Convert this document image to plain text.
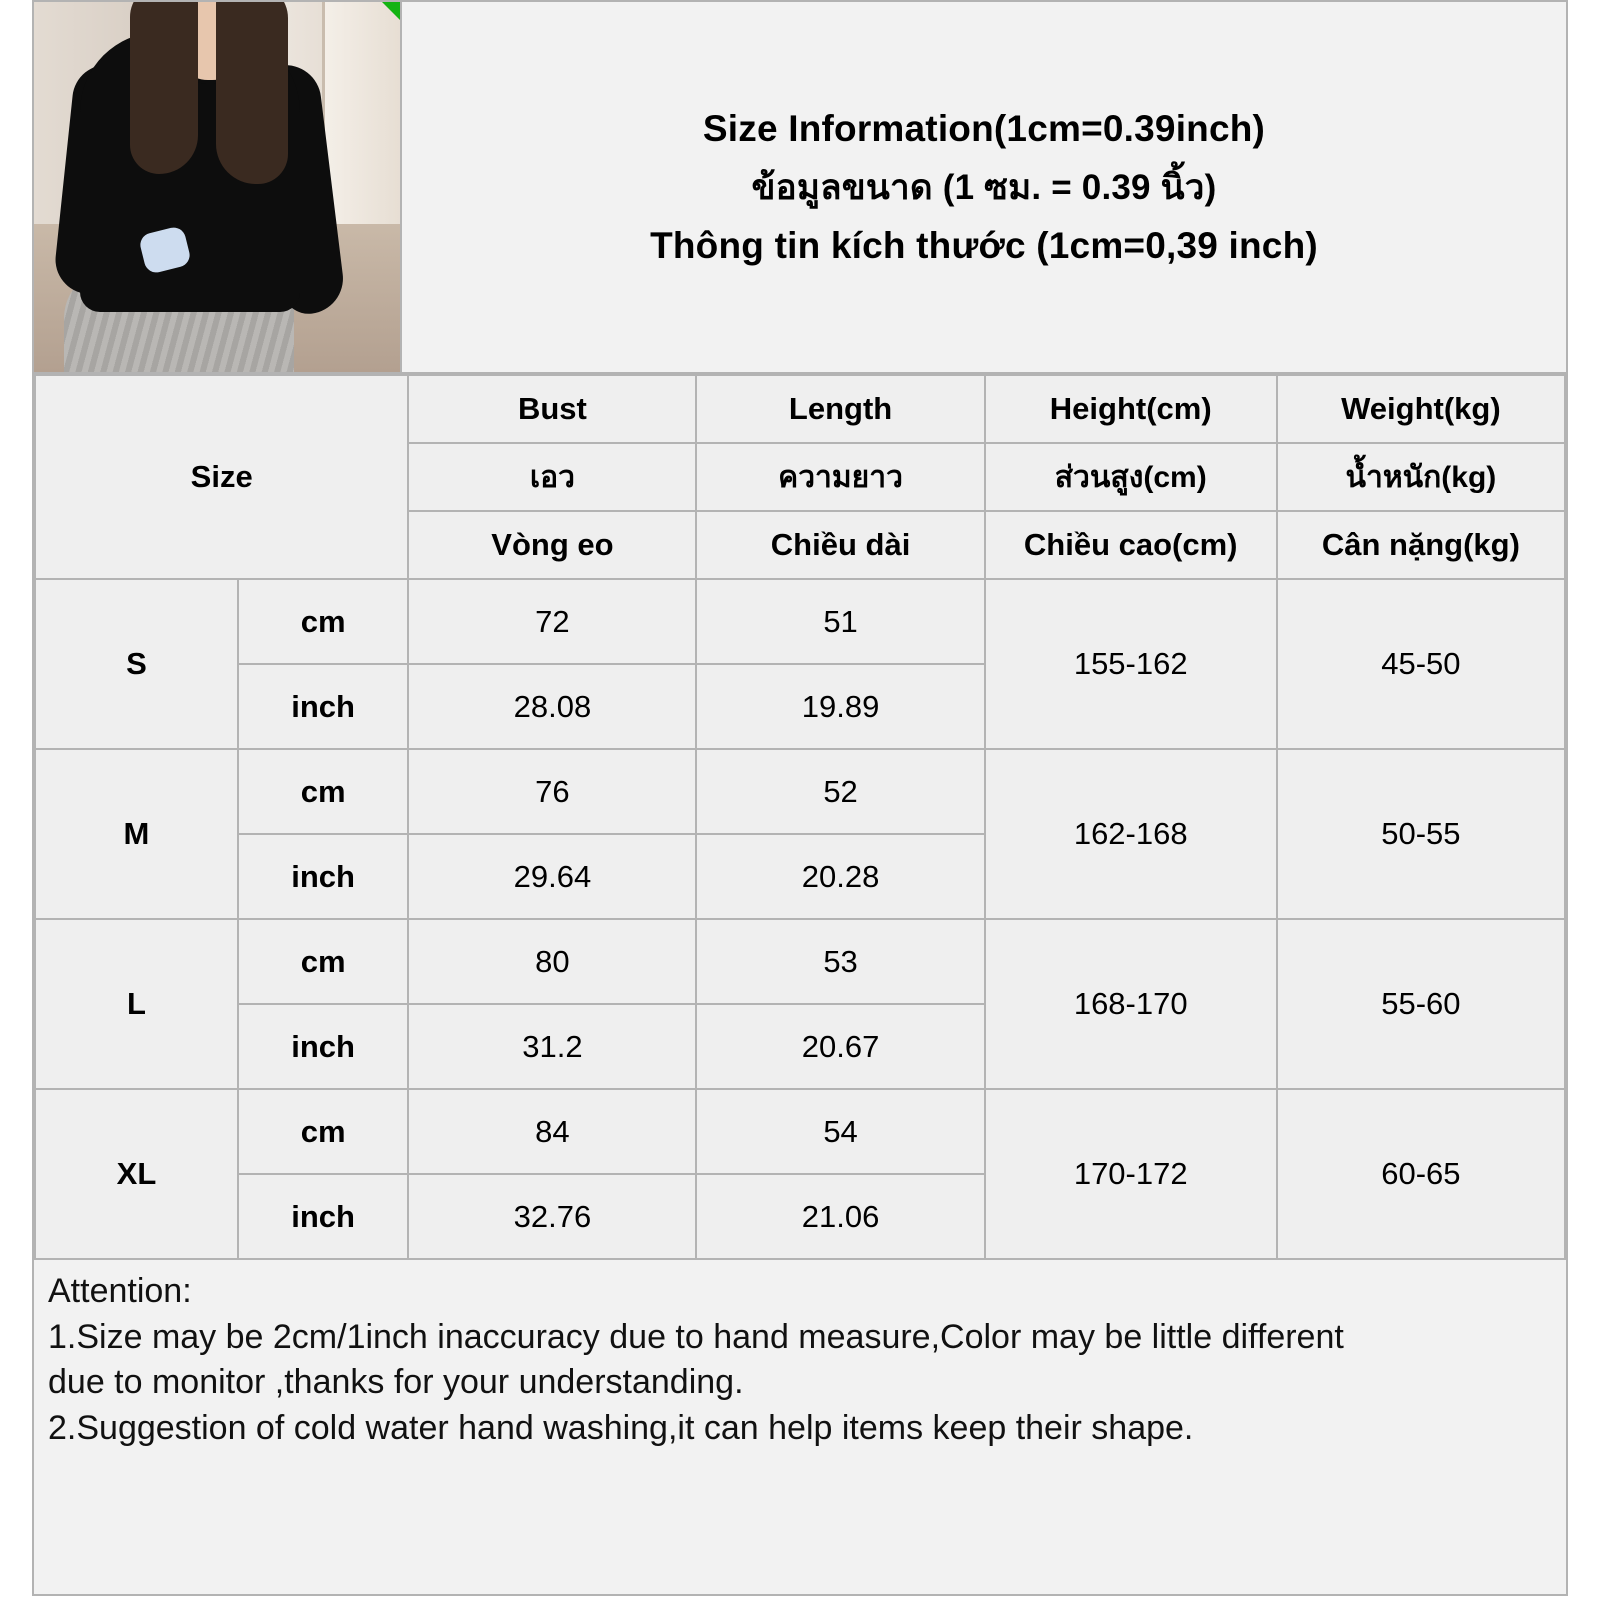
Size Information(1cm=0.39inch)
ข้อมูลขนาด (1 ซม. = 0.39 นิ้ว)
Thông tin kích thước (1cm=0,39 inch)
Size		Bust	Length	Height(cm)	Weight(kg)
		เอว	ความยาว	ส่วนสูง(cm)	น้ำหนัก(kg)
		Vòng eo	Chiều dài	Chiều cao(cm)	Cân nặng(kg)
S	cm	72	51	155-162	45-50
	inch	28.08	19.89		
M	cm	76	52	162-168	50-55
	inch	29.64	20.28		
L	cm	80	53	168-170	55-60
	inch	31.2	20.67		
XL	cm	84	54	170-172	60-65
	inch	32.76	21.06		

Attention:

1.Size may be 2cm/1inch inaccuracy due to hand measure,Color may be little different

due to monitor ,thanks for your understanding.

2.Suggestion of cold water hand washing,it can help items keep their shape.
